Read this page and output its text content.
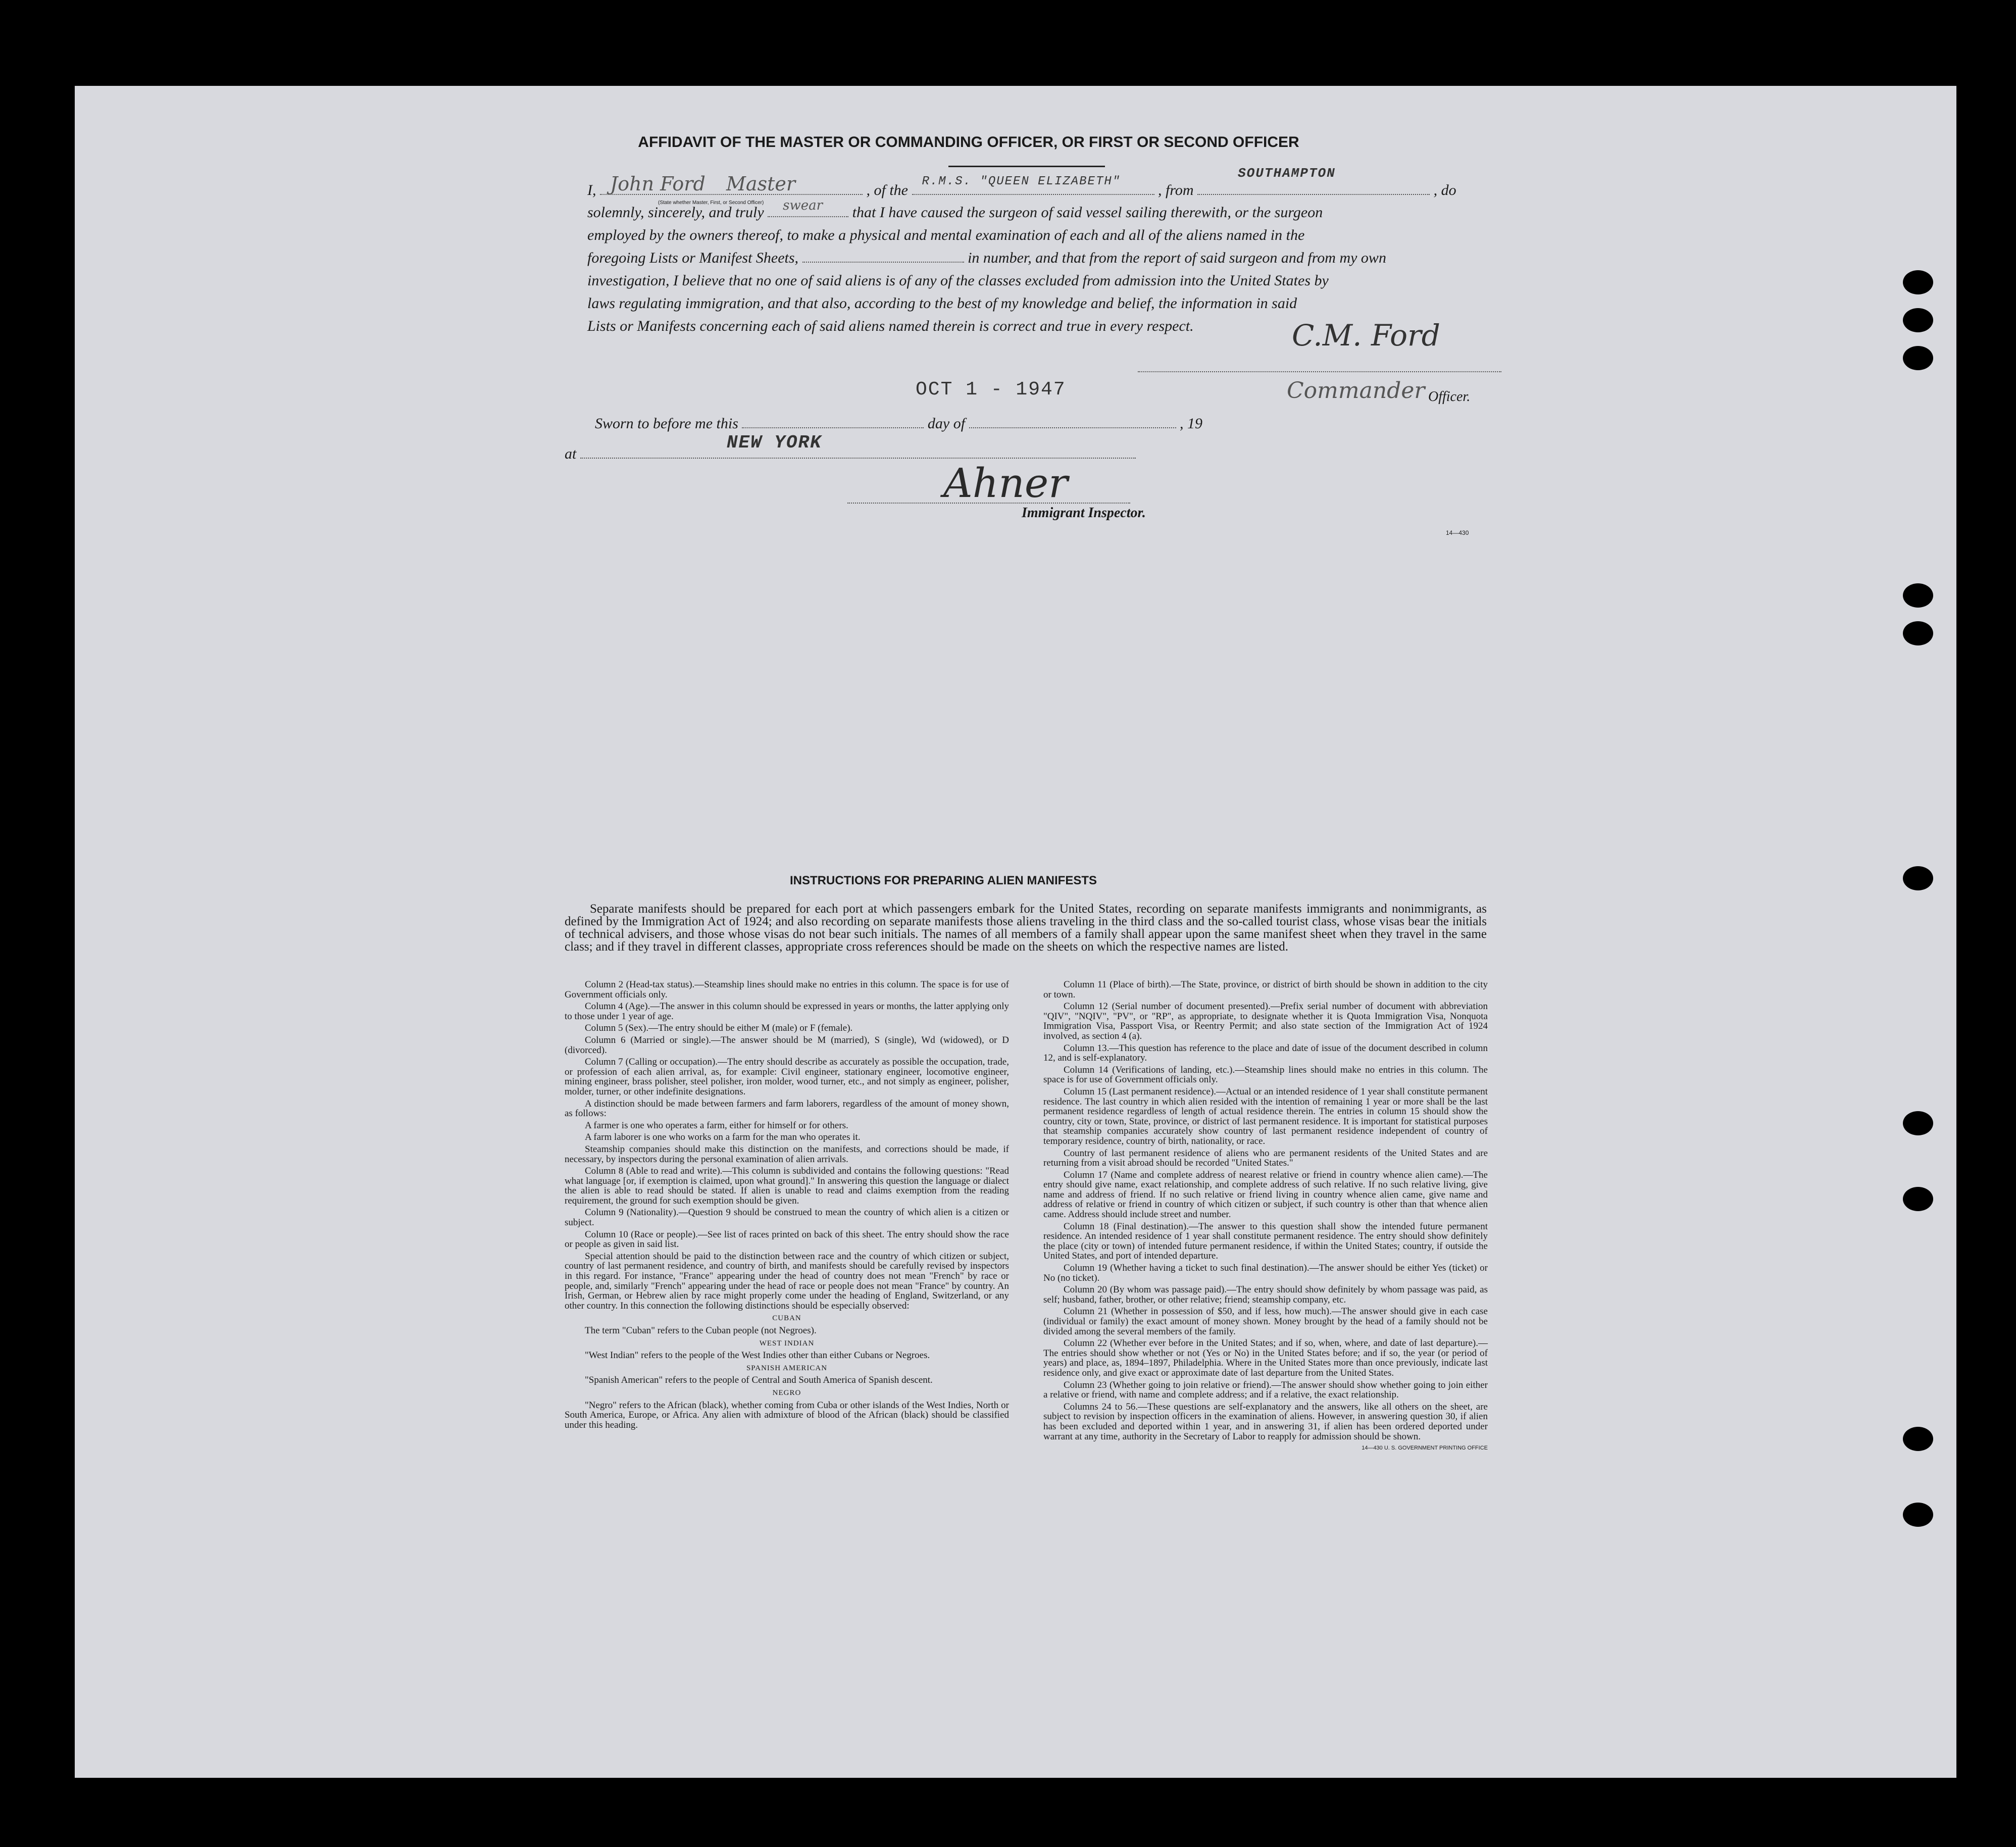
AFFIDAVIT OF THE MASTER OR COMMANDING OFFICER, OR FIRST OR SECOND OFFICER
I, John Ford Master	, of the
R.M.S. "QUEEN ELIZABETH"
, from
SOUTHAMPTON
, do
(State whether Master, First, or Second Officer)
solemnly, sincerely, and truly swear that I have caused the surgeon of said vessel sailing therewith, or the surgeon
employed by the owners thereof, to make a physical and mental examination of each and all of the aliens named in the
foregoing Lists or Manifest Sheets,	in number, and that from the report of said surgeon and from my own
investigation, I believe that no one of said aliens is of any of the classes excluded from admission into the United States by
laws regulating immigration, and that also, according to the best of my knowledge and belief, the information in said
Lists or Manifests concerning each of said aliens named therein is correct and true in every respect.	C.M. Ford
Commander Officer.
OCT 1 - 1947
Sworn to before me this	day of	, 19
at
NEW YORK
Ahner
Immigrant Inspector.
14—430
INSTRUCTIONS FOR PREPARING ALIEN MANIFESTS
Separate manifests should be prepared for each port at which passengers embark for the United States, recording on separate manifests immigrants and nonimmigrants, as defined by the Immigration Act of 1924; and also recording on separate manifests those aliens traveling in the third class and the so-called tourist class, whose visas bear the initials of technical advisers, and those whose visas do not bear such initials. The names of all members of a family shall appear upon the same manifest sheet when they travel in the same class; and if they travel in different classes, appropriate cross references should be made on the sheets on which the respective names are listed.

Column 2 (Head-tax status).—Steamship lines should make no entries in this column. The space is for use of Government officials only.

Column 4 (Age).—The answer in this column should be expressed in years or months, the latter applying only to those under 1 year of age.

Column 5 (Sex).—The entry should be either M (male) or F (female).

Column 6 (Married or single).—The answer should be M (married), S (single), Wd (widowed), or D (divorced).

Column 7 (Calling or occupation).—The entry should describe as accurately as possible the occupation, trade, or profession of each alien arrival, as, for example: Civil engineer, stationary engineer, locomotive engineer, mining engineer, brass polisher, steel polisher, iron molder, wood turner, etc., and not simply as engineer, polisher, molder, turner, or other indefinite designations.

A distinction should be made between farmers and farm laborers, regardless of the amount of money shown, as follows:

A farmer is one who operates a farm, either for himself or for others.

A farm laborer is one who works on a farm for the man who operates it.

Steamship companies should make this distinction on the manifests, and corrections should be made, if necessary, by inspectors during the personal examination of alien arrivals.

Column 8 (Able to read and write).—This column is subdivided and contains the following questions: "Read what language [or, if exemption is claimed, upon what ground]." In answering this question the language or dialect the alien is able to read should be stated. If alien is unable to read and claims exemption from the reading requirement, the ground for such exemption should be given.

Column 9 (Nationality).—Question 9 should be construed to mean the country of which alien is a citizen or subject.

Column 10 (Race or people).—See list of races printed on back of this sheet. The entry should show the race or people as given in said list.

Special attention should be paid to the distinction between race and the country of which citizen or subject, country of last permanent residence, and country of birth, and manifests should be carefully revised by inspectors in this regard. For instance, "France" appearing under the head of country does not mean "French" by race or people, and, similarly "French" appearing under the head of race or people does not mean "France" by country. An Irish, German, or Hebrew alien by race might properly come under the heading of England, Switzerland, or any other country. In this connection the following distinctions should be especially observed:

CUBAN

The term "Cuban" refers to the Cuban people (not Negroes).

WEST INDIAN

"West Indian" refers to the people of the West Indies other than either Cubans or Negroes.

SPANISH AMERICAN

"Spanish American" refers to the people of Central and South America of Spanish descent.

NEGRO

"Negro" refers to the African (black), whether coming from Cuba or other islands of the West Indies, North or South America, Europe, or Africa. Any alien with admixture of blood of the African (black) should be classified under this heading.

Column 11 (Place of birth).—The State, province, or district of birth should be shown in addition to the city or town.

Column 12 (Serial number of document presented).—Prefix serial number of document with abbreviation "QIV", "NQIV", "PV", or "RP", as appropriate, to designate whether it is Quota Immigration Visa, Nonquota Immigration Visa, Passport Visa, or Reentry Permit; and also state section of the Immigration Act of 1924 involved, as section 4 (a).

Column 13.—This question has reference to the place and date of issue of the document described in column 12, and is self-explanatory.

Column 14 (Verifications of landing, etc.).—Steamship lines should make no entries in this column. The space is for use of Government officials only.

Column 15 (Last permanent residence).—Actual or an intended residence of 1 year shall constitute permanent residence. The last country in which alien resided with the intention of remaining 1 year or more shall be the last permanent residence regardless of length of actual residence therein. The entries in column 15 should show the country, city or town, State, province, or district of last permanent residence. It is important for statistical purposes that steamship companies accurately show country of last permanent residence independent of country of temporary residence, country of birth, nationality, or race.

Country of last permanent residence of aliens who are permanent residents of the United States and are returning from a visit abroad should be recorded "United States."

Column 17 (Name and complete address of nearest relative or friend in country whence alien came).—The entry should give name, exact relationship, and complete address of such relative. If no such relative living, give name and address of friend. If no such relative or friend living in country whence alien came, give name and address of relative or friend in country of which citizen or subject, if such country is other than that whence alien came. Address should include street and number.

Column 18 (Final destination).—The answer to this question shall show the intended future permanent residence. An intended residence of 1 year shall constitute permanent residence. The entry should show definitely the place (city or town) of intended future permanent residence, if within the United States; country, if outside the United States, and port of intended departure.

Column 19 (Whether having a ticket to such final destination).—The answer should be either Yes (ticket) or No (no ticket).

Column 20 (By whom was passage paid).—The entry should show definitely by whom passage was paid, as self; husband, father, brother, or other relative; friend; steamship company, etc.

Column 21 (Whether in possession of $50, and if less, how much).—The answer should give in each case (individual or family) the exact amount of money shown. Money brought by the head of a family should not be divided among the several members of the family.

Column 22 (Whether ever before in the United States; and if so, when, where, and date of last departure).—The entries should show whether or not (Yes or No) in the United States before; and if so, the year (or period of years) and place, as, 1894–1897, Philadelphia. Where in the United States more than once previously, indicate last residence only, and give exact or approximate date of last departure from the United States.

Column 23 (Whether going to join relative or friend).—The answer should show whether going to join either a relative or friend, with name and complete address; and if a relative, the exact relationship.

Columns 24 to 56.—These questions are self-explanatory and the answers, like all others on the sheet, are subject to revision by inspection officers in the examination of aliens. However, in answering question 30, if alien has been excluded and deported within 1 year, and in answering 31, if alien has been ordered deported under warrant at any time, authority in the Secretary of Labor to reapply for admission should be shown.

14—430 U. S. GOVERNMENT PRINTING OFFICE
